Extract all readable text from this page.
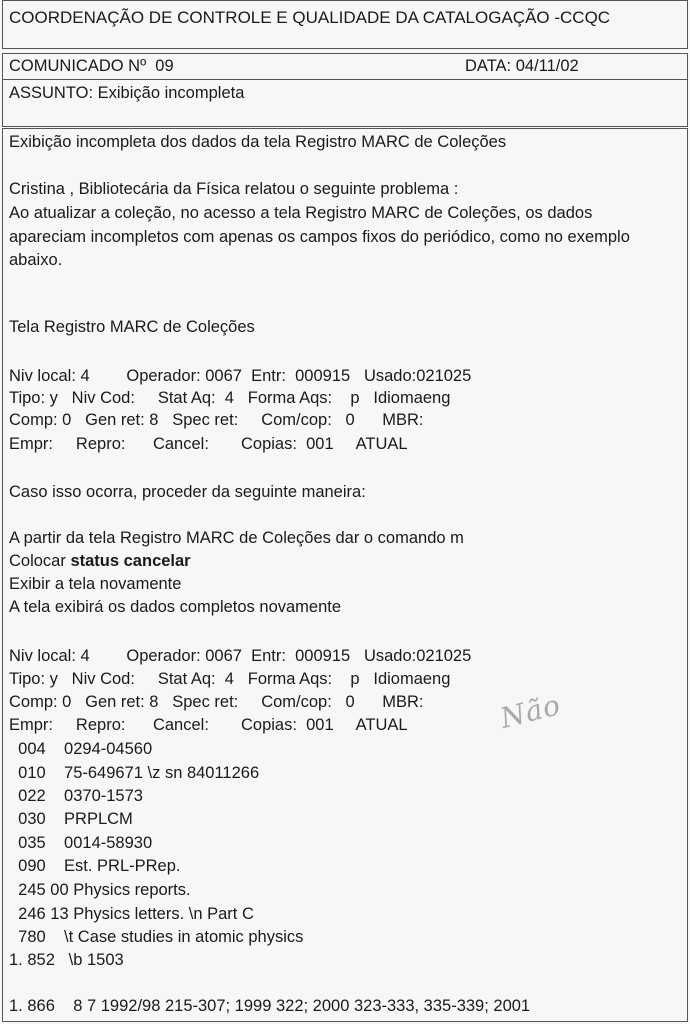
COORDENAÇÃO DE CONTROLE E QUALIDADE DA CATALOGAÇÃO -CCQC
COMUNICADO Nº  09	DATA: 04/11/02
ASSUNTO: Exibição incompleta
Exibição incompleta dos dados da tela Registro MARC de Coleções
Cristina , Bibliotecária da Física relatou o seguinte problema :
Ao atualizar a coleção, no acesso a tela Registro MARC de Coleções, os dados
apareciam incompletos com apenas os campos fixos do periódico, como no exemplo
abaixo.
Tela Registro MARC de Coleções
Niv local: 4        Operador: 0067  Entr:  000915   Usado:021025
Tipo: y   Niv Cod:     Stat Aq:  4   Forma Aqs:    p   Idiomaeng
Comp: 0   Gen ret: 8   Spec ret:     Com/cop:   0      MBR:
Empr:     Repro:      Cancel:       Copias:  001     ATUAL
Caso isso ocorra, proceder da seguinte maneira:
A partir da tela Registro MARC de Coleções dar o comando m
Colocar status cancelar
Exibir a tela novamente
A tela exibirá os dados completos novamente
Niv local: 4        Operador: 0067  Entr:  000915   Usado:021025
Tipo: y   Niv Cod:     Stat Aq:  4   Forma Aqs:    p   Idiomaeng
Comp: 0   Gen ret: 8   Spec ret:     Com/cop:   0      MBR:
Empr:     Repro:      Cancel:       Copias:  001     ATUAL
004    0294-04560
010    75-649671 \z sn 84011266
022    0370-1573
030    PRPLCM
035    0014-58930
090    Est. PRL-PRep.
245 00 Physics reports.
246 13 Physics letters. \n Part C
780    \t Case studies in atomic physics
1. 852   \b 1503
1. 866    8 7 1992/98 215-307; 1999 322; 2000 323-333, 335-339; 2001
Não
